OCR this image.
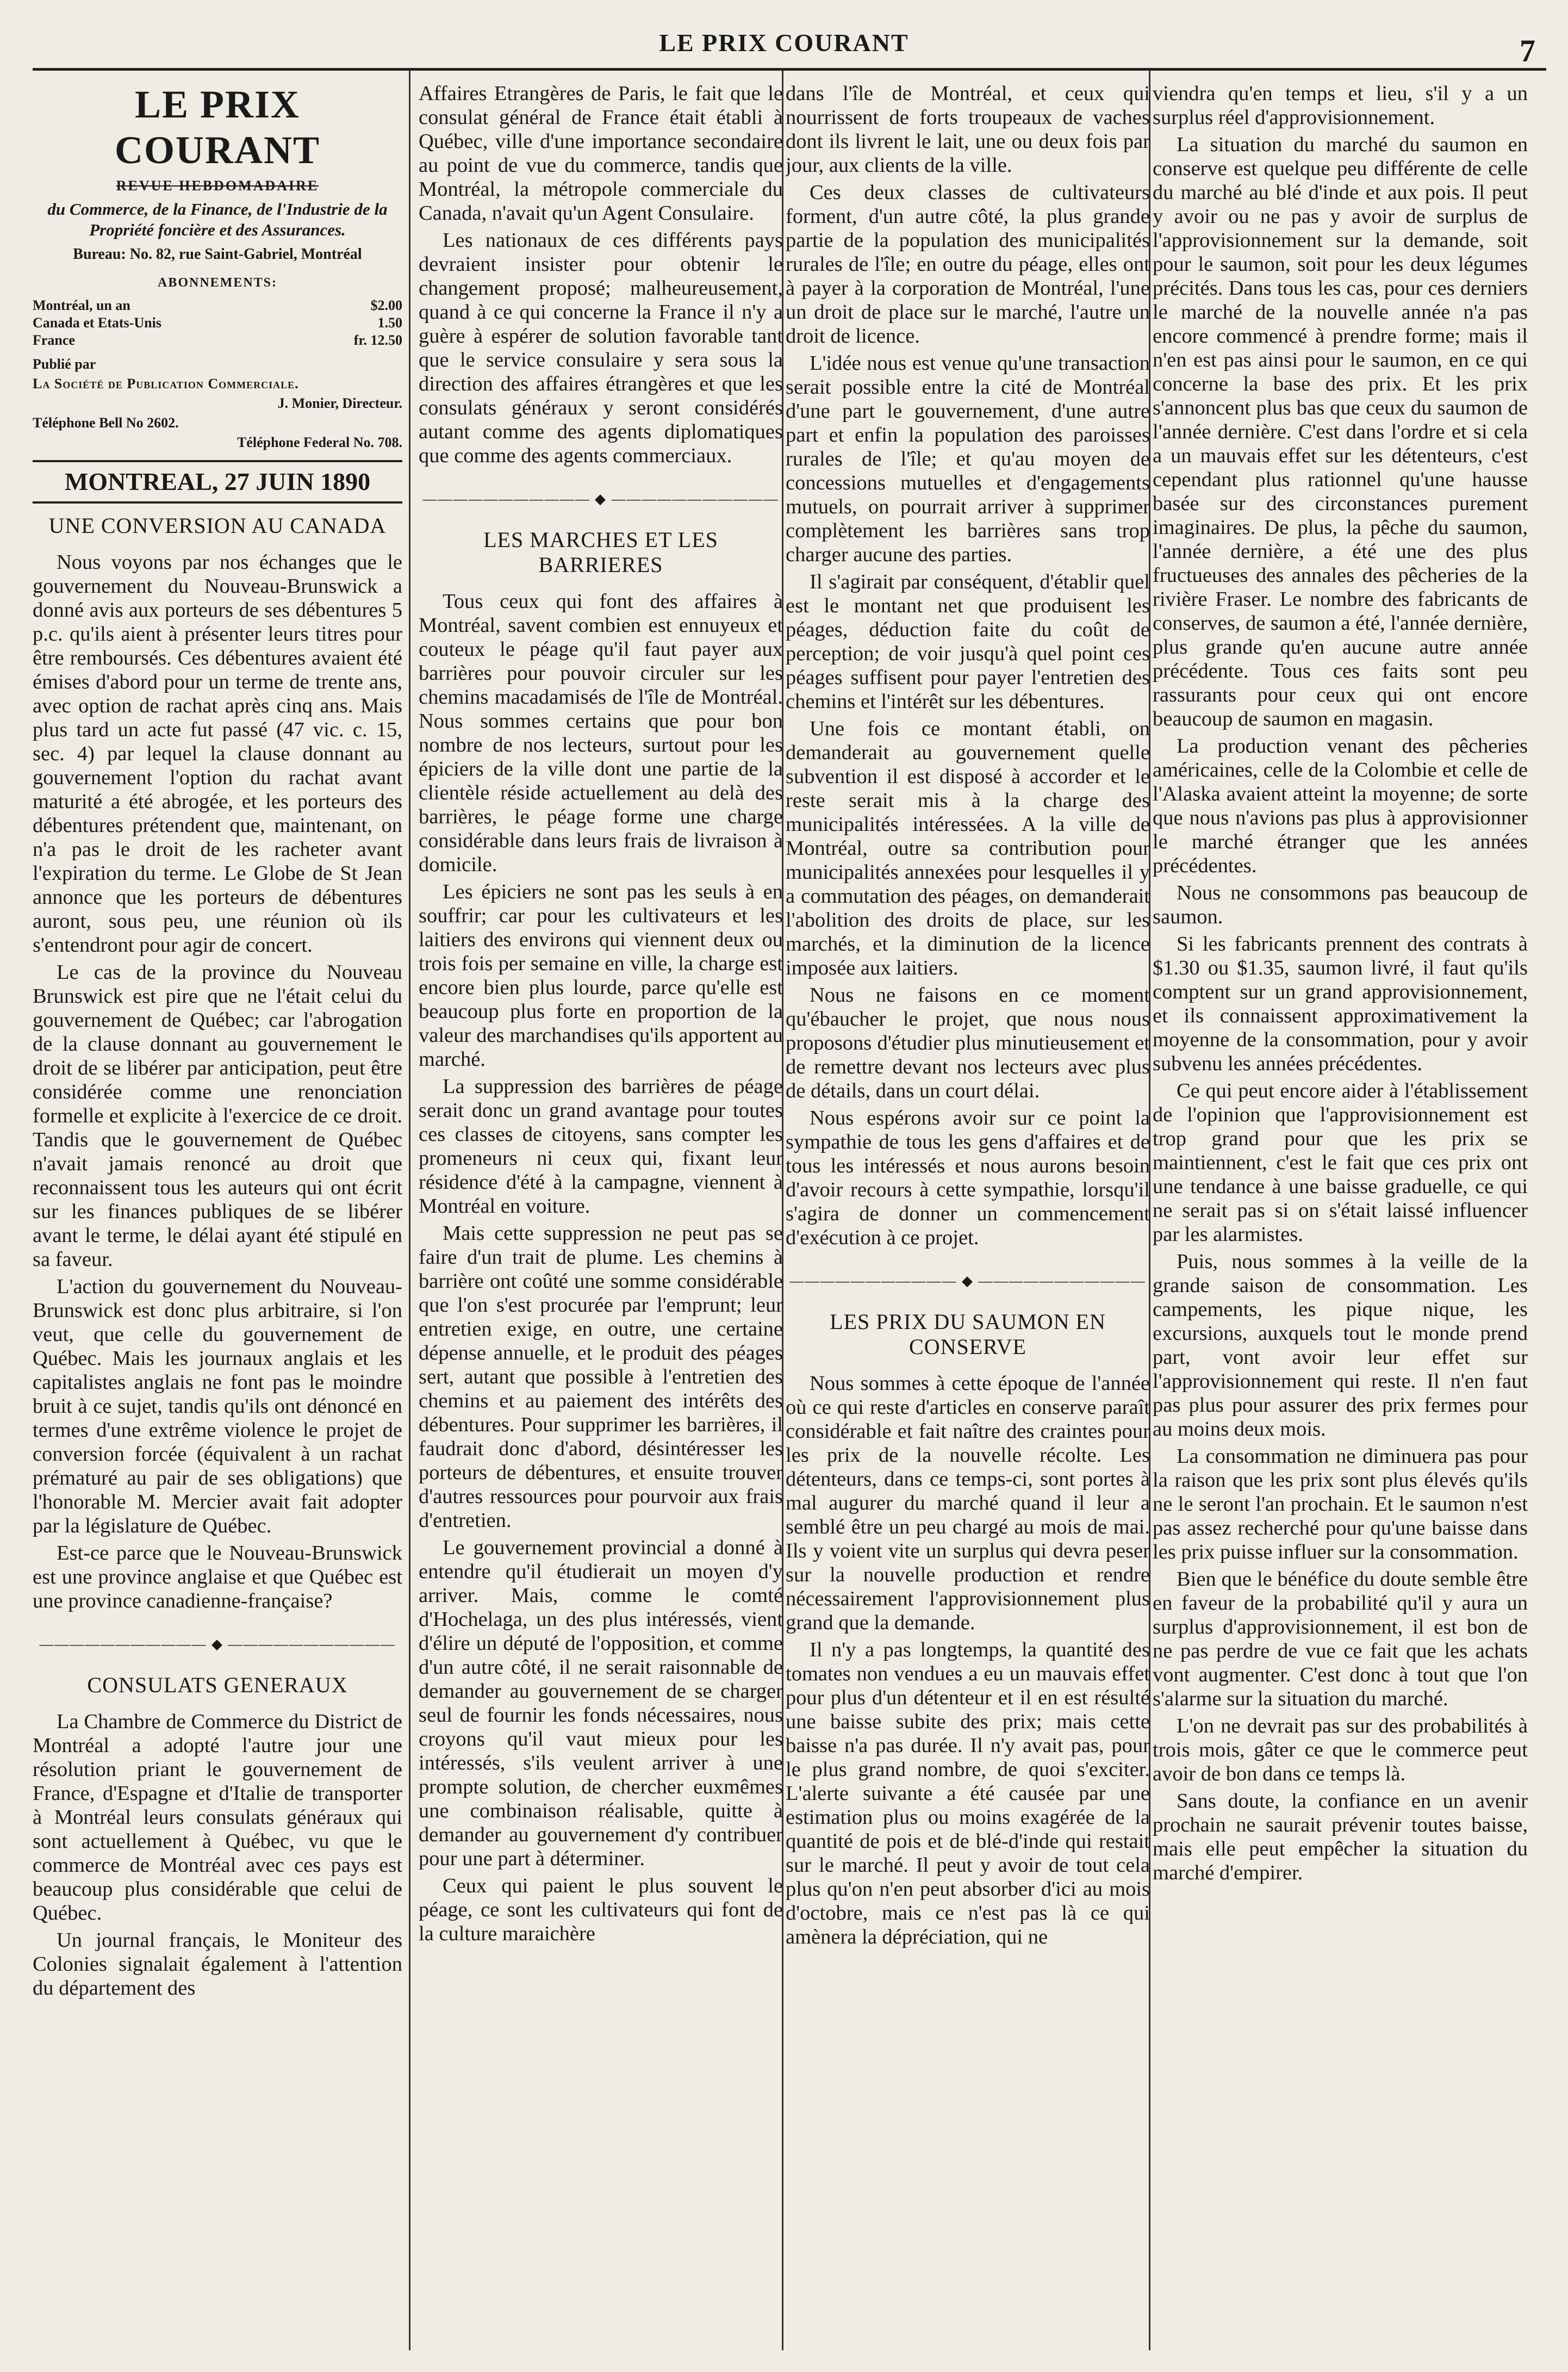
LE PRIX COURANT	7
LE PRIX COURANT
REVUE HEBDOMADAIRE
du Commerce, de la Finance, de l'Industrie de la Propriété foncière et des Assurances.
Bureau: No. 82, rue Saint-Gabriel, Montréal
ABONNEMENTS:
Montréal, un an	$2.00
Canada et Etats-Unis	1.50
France	fr. 12.50
Publié par
La Société de Publication Commerciale.
J. Monier, Directeur.
Téléphone Bell No 2602.
Téléphone Federal No. 708.
MONTREAL, 27 JUIN 1890
UNE CONVERSION AU CANADA

Nous voyons par nos échanges que le gouvernement du Nouveau-Brunswick a donné avis aux porteurs de ses débentures 5 p.c. qu'ils aient à présenter leurs titres pour être remboursés. Ces débentures avaient été émises d'abord pour un terme de trente ans, avec option de rachat après cinq ans. Mais plus tard un acte fut passé (47 vic. c. 15, sec. 4) par lequel la clause donnant au gouvernement l'option du rachat avant maturité a été abrogée, et les porteurs des débentures prétendent que, maintenant, on n'a pas le droit de les racheter avant l'expiration du terme. Le Globe de St Jean annonce que les porteurs de débentures auront, sous peu, une réunion où ils s'entendront pour agir de concert.

Le cas de la province du Nouveau Brunswick est pire que ne l'était celui du gouvernement de Québec; car l'abrogation de la clause donnant au gouvernement le droit de se libérer par anticipation, peut être considérée comme une renonciation formelle et explicite à l'exercice de ce droit. Tandis que le gouvernement de Québec n'avait jamais renoncé au droit que reconnaissent tous les auteurs qui ont écrit sur les finances publiques de se libérer avant le terme, le délai ayant été stipulé en sa faveur.

L'action du gouvernement du Nouveau-Brunswick est donc plus arbitraire, si l'on veut, que celle du gouvernement de Québec. Mais les journaux anglais et les capitalistes anglais ne font pas le moindre bruit à ce sujet, tandis qu'ils ont dénoncé en termes d'une extrême violence le projet de conversion forcée (équivalent à un rachat prématuré au pair de ses obligations) que l'honorable M. Mercier avait fait adopter par la législature de Québec.

Est-ce parce que le Nouveau-Brunswick est une province anglaise et que Québec est une province canadienne-française?

——————————— ◆ ———————————
CONSULATS GENERAUX

La Chambre de Commerce du District de Montréal a adopté l'autre jour une résolution priant le gouvernement de France, d'Espagne et d'Italie de transporter à Montréal leurs consulats généraux qui sont actuellement à Québec, vu que le commerce de Montréal avec ces pays est beaucoup plus considérable que celui de Québec.

Un journal français, le Moniteur des Colonies signalait également à l'attention du département des

Affaires Etrangères de Paris, le fait que le consulat général de France était établi à Québec, ville d'une importance secondaire au point de vue du commerce, tandis que Montréal, la métropole commerciale du Canada, n'avait qu'un Agent Consulaire.

Les nationaux de ces différents pays devraient insister pour obtenir le changement proposé; malheureusement, quand à ce qui concerne la France il n'y a guère à espérer de solution favorable tant que le service consulaire y sera sous la direction des affaires étrangères et que les consulats généraux y seront considérés autant comme des agents diplomatiques que comme des agents commerciaux.

——————————— ◆ ———————————
LES MARCHES ET LES BARRIERES

Tous ceux qui font des affaires à Montréal, savent combien est ennuyeux et couteux le péage qu'il faut payer aux barrières pour pouvoir circuler sur les chemins macadamisés de l'île de Montréal. Nous sommes certains que pour bon nombre de nos lecteurs, surtout pour les épiciers de la ville dont une partie de la clientèle réside actuellement au delà des barrières, le péage forme une charge considérable dans leurs frais de livraison à domicile.

Les épiciers ne sont pas les seuls à en souffrir; car pour les cultivateurs et les laitiers des environs qui viennent deux ou trois fois per semaine en ville, la charge est encore bien plus lourde, parce qu'elle est beaucoup plus forte en proportion de la valeur des marchandises qu'ils apportent au marché.

La suppression des barrières de péage serait donc un grand avantage pour toutes ces classes de citoyens, sans compter les promeneurs ni ceux qui, fixant leur résidence d'été à la campagne, viennent à Montréal en voiture.

Mais cette suppression ne peut pas se faire d'un trait de plume. Les chemins à barrière ont coûté une somme considérable que l'on s'est procurée par l'emprunt; leur entretien exige, en outre, une certaine dépense annuelle, et le produit des péages sert, autant que possible à l'entretien des chemins et au paiement des intérêts des débentures. Pour supprimer les barrières, il faudrait donc d'abord, désintéresser les porteurs de débentures, et ensuite trouver d'autres ressources pour pourvoir aux frais d'entretien.

Le gouvernement provincial a donné à entendre qu'il étudierait un moyen d'y arriver. Mais, comme le comté d'Hochelaga, un des plus intéressés, vient d'élire un député de l'opposition, et comme d'un autre côté, il ne serait raisonnable de demander au gouvernement de se charger seul de fournir les fonds nécessaires, nous croyons qu'il vaut mieux pour les intéressés, s'ils veulent arriver à une prompte solution, de chercher euxmêmes une combinaison réalisable, quitte à demander au gouvernement d'y contribuer pour une part à déterminer.

Ceux qui paient le plus souvent le péage, ce sont les cultivateurs qui font de la culture maraichère

dans l'île de Montréal, et ceux qui nourrissent de forts troupeaux de vaches dont ils livrent le lait, une ou deux fois par jour, aux clients de la ville.

Ces deux classes de cultivateurs forment, d'un autre côté, la plus grande partie de la population des municipalités rurales de l'île; en outre du péage, elles ont à payer à la corporation de Montréal, l'une un droit de place sur le marché, l'autre un droit de licence.

L'idée nous est venue qu'une transaction serait possible entre la cité de Montréal d'une part le gouvernement, d'une autre part et enfin la population des paroisses rurales de l'île; et qu'au moyen de concessions mutuelles et d'engagements mutuels, on pourrait arriver à supprimer complètement les barrières sans trop charger aucune des parties.

Il s'agirait par conséquent, d'établir quel est le montant net que produisent les péages, déduction faite du coût de perception; de voir jusqu'à quel point ces péages suffisent pour payer l'entretien des chemins et l'intérêt sur les débentures.

Une fois ce montant établi, on demanderait au gouvernement quelle subvention il est disposé à accorder et le reste serait mis à la charge des municipalités intéressées. A la ville de Montréal, outre sa contribution pour municipalités annexées pour lesquelles il y a commutation des péages, on demanderait l'abolition des droits de place, sur les marchés, et la diminution de la licence imposée aux laitiers.

Nous ne faisons en ce moment qu'ébaucher le projet, que nous nous proposons d'étudier plus minutieusement et de remettre devant nos lecteurs avec plus de détails, dans un court délai.

Nous espérons avoir sur ce point la sympathie de tous les gens d'affaires et de tous les intéressés et nous aurons besoin d'avoir recours à cette sympathie, lorsqu'il s'agira de donner un commencement d'exécution à ce projet.

——————————— ◆ ———————————
LES PRIX DU SAUMON EN CONSERVE

Nous sommes à cette époque de l'année où ce qui reste d'articles en conserve paraît considérable et fait naître des craintes pour les prix de la nouvelle récolte. Les détenteurs, dans ce temps-ci, sont portes à mal augurer du marché quand il leur a semblé être un peu chargé au mois de mai. Ils y voient vite un surplus qui devra peser sur la nouvelle production et rendre nécessairement l'approvisionnement plus grand que la demande.

Il n'y a pas longtemps, la quantité des tomates non vendues a eu un mauvais effet pour plus d'un détenteur et il en est résulté une baisse subite des prix; mais cette baisse n'a pas durée. Il n'y avait pas, pour le plus grand nombre, de quoi s'exciter. L'alerte suivante a été causée par une estimation plus ou moins exagérée de la quantité de pois et de blé-d'inde qui restait sur le marché. Il peut y avoir de tout cela plus qu'on n'en peut absorber d'ici au mois d'octobre, mais ce n'est pas là ce qui amènera la dépréciation, qui ne

viendra qu'en temps et lieu, s'il y a un surplus réel d'approvisionnement.

La situation du marché du saumon en conserve est quelque peu différente de celle du marché au blé d'inde et aux pois. Il peut y avoir ou ne pas y avoir de surplus de l'approvisionnement sur la demande, soit pour le saumon, soit pour les deux légumes précités. Dans tous les cas, pour ces derniers le marché de la nouvelle année n'a pas encore commencé à prendre forme; mais il n'en est pas ainsi pour le saumon, en ce qui concerne la base des prix. Et les prix s'annoncent plus bas que ceux du saumon de l'année dernière. C'est dans l'ordre et si cela a un mauvais effet sur les détenteurs, c'est cependant plus rationnel qu'une hausse basée sur des circonstances purement imaginaires. De plus, la pêche du saumon, l'année dernière, a été une des plus fructueuses des annales des pêcheries de la rivière Fraser. Le nombre des fabricants de conserves, de saumon a été, l'année dernière, plus grande qu'en aucune autre année précédente. Tous ces faits sont peu rassurants pour ceux qui ont encore beaucoup de saumon en magasin.

La production venant des pêcheries américaines, celle de la Colombie et celle de l'Alaska avaient atteint la moyenne; de sorte que nous n'avions pas plus à approvisionner le marché étranger que les années précédentes.

Nous ne consommons pas beaucoup de saumon.

Si les fabricants prennent des contrats à $1.30 ou $1.35, saumon livré, il faut qu'ils comptent sur un grand approvisionnement, et ils connaissent approximativement la moyenne de la consommation, pour y avoir subvenu les années précédentes.

Ce qui peut encore aider à l'établissement de l'opinion que l'approvisionnement est trop grand pour que les prix se maintiennent, c'est le fait que ces prix ont une tendance à une baisse graduelle, ce qui ne serait pas si on s'était laissé influencer par les alarmistes.

Puis, nous sommes à la veille de la grande saison de consommation. Les campements, les pique nique, les excursions, auxquels tout le monde prend part, vont avoir leur effet sur l'approvisionnement qui reste. Il n'en faut pas plus pour assurer des prix fermes pour au moins deux mois.

La consommation ne diminuera pas pour la raison que les prix sont plus élevés qu'ils ne le seront l'an prochain. Et le saumon n'est pas assez recherché pour qu'une baisse dans les prix puisse influer sur la consommation.

Bien que le bénéfice du doute semble être en faveur de la probabilité qu'il y aura un surplus d'approvisionnement, il est bon de ne pas perdre de vue ce fait que les achats vont augmenter. C'est donc à tout que l'on s'alarme sur la situation du marché.

L'on ne devrait pas sur des probabilités à trois mois, gâter ce que le commerce peut avoir de bon dans ce temps là.

Sans doute, la confiance en un avenir prochain ne saurait prévenir toutes baisse, mais elle peut empêcher la situation du marché d'empirer.
